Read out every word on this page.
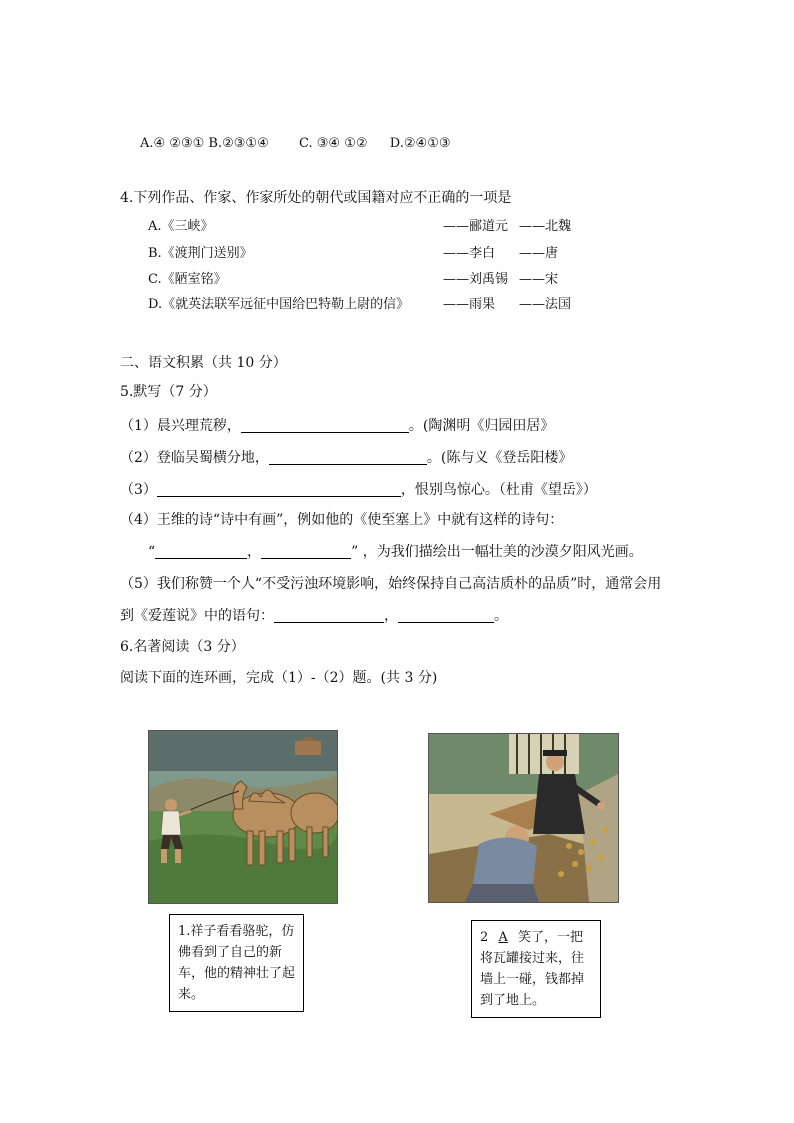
A.④ ②③① B.②③①④ C. ③④ ①② D.②④①③
4.下列作品、作家、作家所处的朝代或国籍对应不正确的一项是
A.《三峡》	——郦道元 ——北魏
B.《渡荆门送别》	——李白 ——唐
C.《陋室铭》	——刘禹锡 ——宋
D.《就英法联军远征中国给巴特勒上尉的信》	——雨果 ——法国
二、语文积累（共 10 分）
5.默写（7 分）
（1）晨兴理荒秽，	。(陶渊明《归园田居》
（2）登临吴蜀横分地，	。(陈与义《登岳阳楼》
（3）	，恨别鸟惊心。（杜甫《望岳》）
（4）王维的诗“诗中有画”，例如他的《使至塞上》中就有这样的诗句：
“	，	” ，为我们描绘出一幅壮美的沙漠夕阳风光画。
（5）我们称赞一个人“不受污浊环境影响，始终保持自己高洁质朴的品质”时，通常会用
到《爱莲说》中的语句：	，	。
6.名著阅读（3 分）
阅读下面的连环画，完成（1）-（2）题。(共 3 分)
1.祥子看看骆驼，仿佛看到了自己的新车，他的精神壮了起来。
2 A 笑了，一把将瓦罐接过来，往墙上一碰，钱都掉到了地上。
